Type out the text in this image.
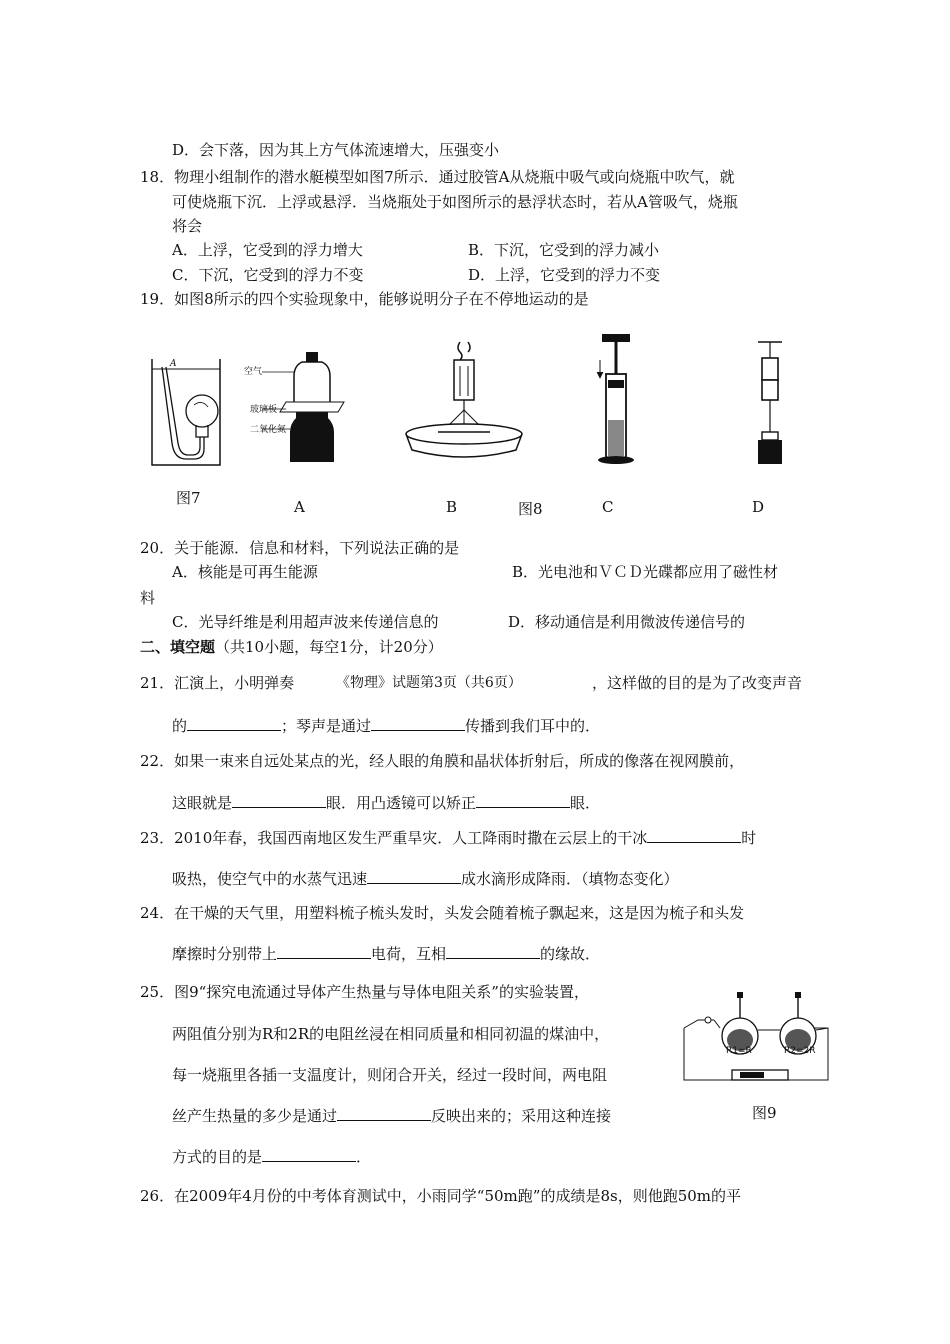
D．会下落，因为其上方气体流速增大，压强变小
18．物理小组制作的潜水艇模型如图7所示．通过胶管A从烧瓶中吸气或向烧瓶中吹气，就
可使烧瓶下沉．上浮或悬浮．当烧瓶处于如图所示的悬浮状态时，若从A管吸气，烧瓶
将会
A．上浮，它受到的浮力增大	B．下沉，它受到的浮力减小
C．下沉，它受到的浮力不变	D．上浮，它受到的浮力不变
19．如图8所示的四个实验现象中，能够说明分子在不停地运动的是
A
图7
空气
玻璃板
二氧化氮
A	B	图8	C	D
20．关于能源．信息和材料，下列说法正确的是
A．核能是可再生能源	B．光电池和ＶＣＤ光碟都应用了磁性材
料
C．光导纤维是利用超声波来传递信息的	D．移动通信是利用微波传递信号的
二、填空题（共10小题，每空1分，计20分）
21．汇演上，小明弹奏	《物理》试题第3页（共6页）	，这样做的目的是为了改变声音
的	；琴声是通过	传播到我们耳中的．
22．如果一束来自远处某点的光，经人眼的角膜和晶状体折射后，所成的像落在视网膜前，
这眼就是	眼．用凸透镜可以矫正	眼．
23．2010年春，我国西南地区发生严重旱灾．人工降雨时撒在云层上的干冰	时
吸热，使空气中的水蒸气迅速	成水滴形成降雨．（填物态变化）
24．在干燥的天气里，用塑料梳子梳头发时，头发会随着梳子飘起来，这是因为梳子和头发
摩擦时分别带上	电荷，互相	的缘故．
25．图9“探究电流通过导体产生热量与导体电阻关系”的实验装置，
两阻值分别为R和2R的电阻丝浸在相同质量和相同初温的煤油中，
每一烧瓶里各插一支温度计，则闭合开关，经过一段时间，两电阻
丝产生热量的多少是通过	反映出来的；采用这种连接
方式的目的是	．
R1=R	R2=2R
图9
26．在2009年4月份的中考体育测试中，小雨同学“50m跑”的成绩是8s，则他跑50m的平
